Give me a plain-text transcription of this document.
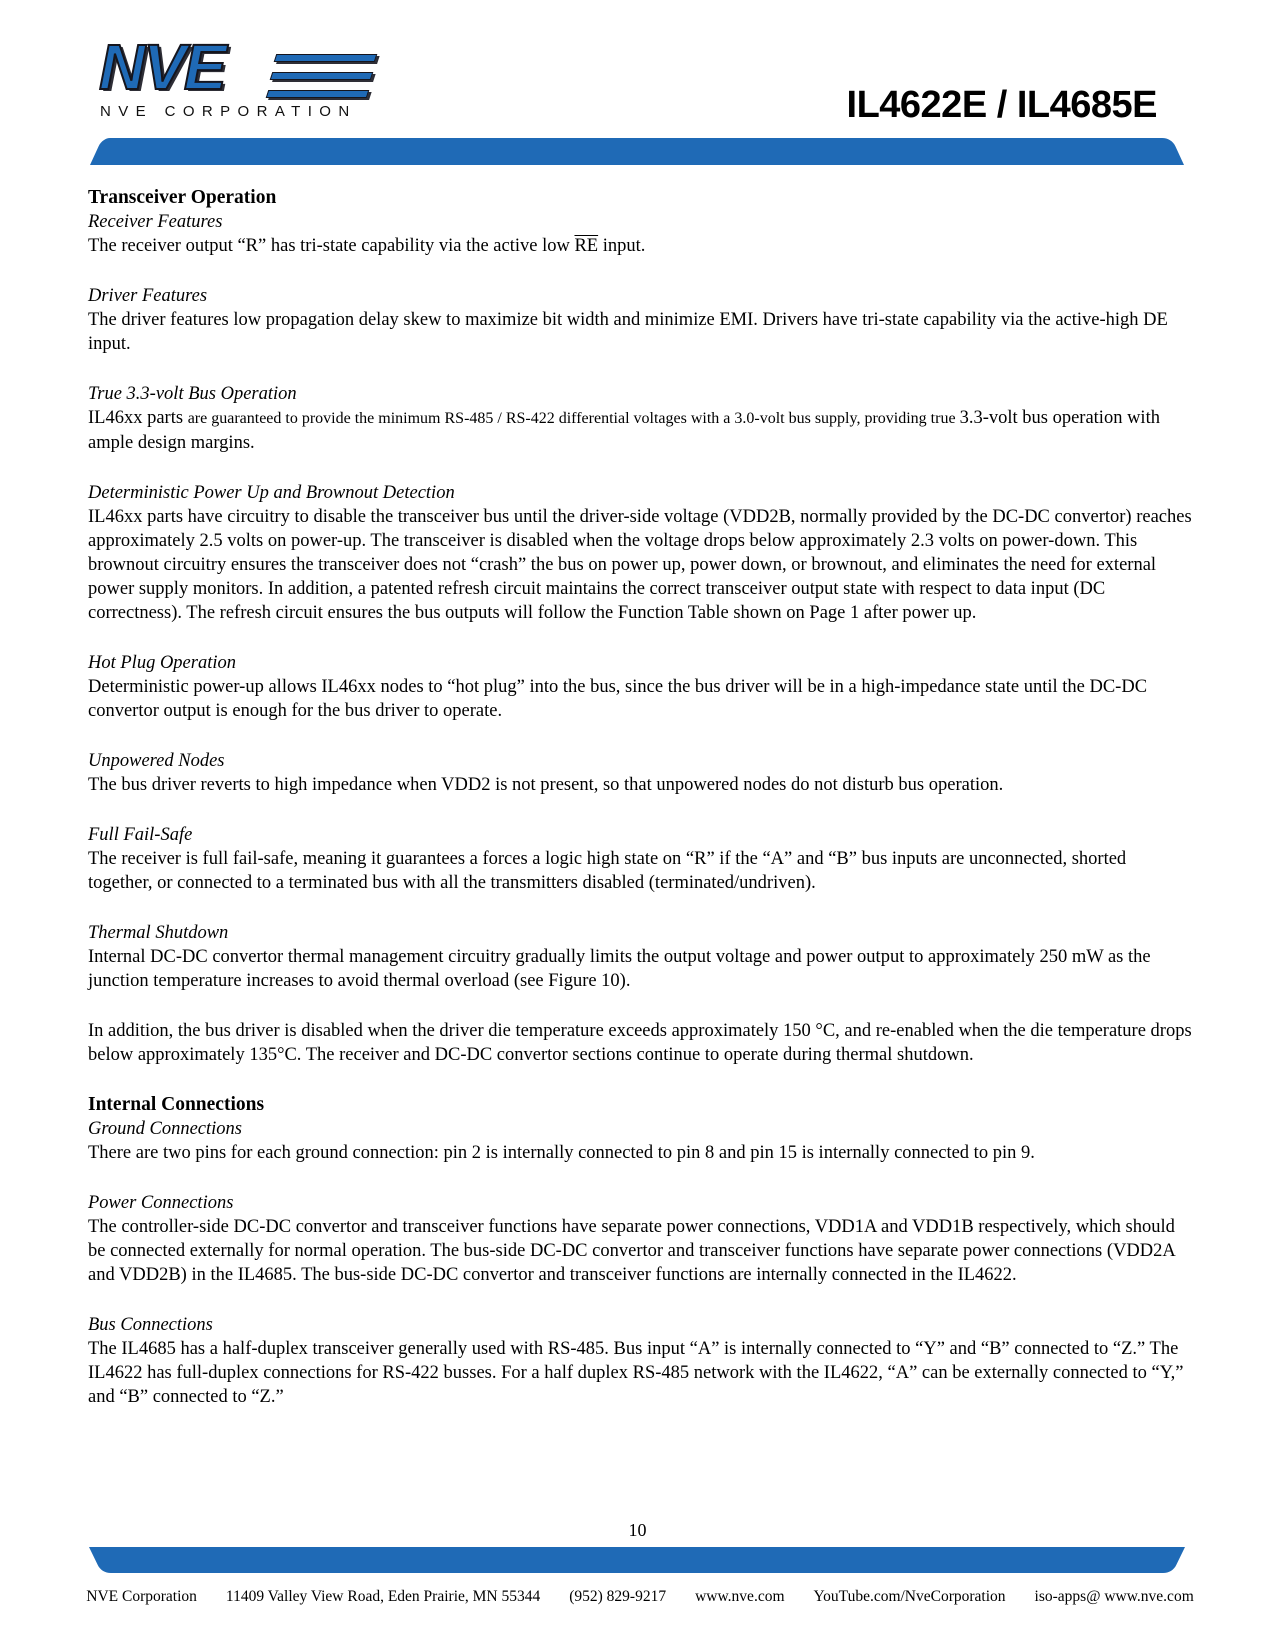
NVE
NVE CORPORATION	IL4622E / IL4685E
Transceiver Operation
Receiver Features
The receiver output “R” has tri-state capability via the active low $\overline{RE}$ input.
Driver Features
The driver features low propagation delay skew to maximize bit width and minimize EMI. Drivers have tri-state capability via the active-high DE input.
True 3.3-volt Bus Operation
IL46xx parts are guaranteed to provide the minimum RS-485 / RS-422 differential voltages with a 3.0-volt bus supply, providing true 3.3-volt bus operation with ample design margins.
Deterministic Power Up and Brownout Detection
IL46xx parts have circuitry to disable the transceiver bus until the driver-side voltage (VDD2B, normally provided by the DC-DC convertor) reaches approximately 2.5 volts on power-up. The transceiver is disabled when the voltage drops below approximately 2.3 volts on power-down. This brownout circuitry ensures the transceiver does not “crash” the bus on power up, power down, or brownout, and eliminates the need for external power supply monitors. In addition, a patented refresh circuit maintains the correct transceiver output state with respect to data input (DC correctness). The refresh circuit ensures the bus outputs will follow the Function Table shown on Page 1 after power up.
Hot Plug Operation
Deterministic power-up allows IL46xx nodes to “hot plug” into the bus, since the bus driver will be in a high-impedance state until the DC-DC convertor output is enough for the bus driver to operate.
Unpowered Nodes
The bus driver reverts to high impedance when VDD2 is not present, so that unpowered nodes do not disturb bus operation.
Full Fail-Safe
The receiver is full fail-safe, meaning it guarantees a forces a logic high state on “R” if the “A” and “B” bus inputs are unconnected, shorted together, or connected to a terminated bus with all the transmitters disabled (terminated/undriven).
Thermal Shutdown
Internal DC-DC convertor thermal management circuitry gradually limits the output voltage and power output to approximately 250 mW as the junction temperature increases to avoid thermal overload (see Figure 10).
In addition, the bus driver is disabled when the driver die temperature exceeds approximately 150 °C, and re-enabled when the die temperature drops below approximately 135°C. The receiver and DC-DC convertor sections continue to operate during thermal shutdown.
Internal Connections
Ground Connections
There are two pins for each ground connection: pin 2 is internally connected to pin 8 and pin 15 is internally connected to pin 9.
Power Connections
The controller-side DC-DC convertor and transceiver functions have separate power connections, VDD1A and VDD1B respectively, which should be connected externally for normal operation. The bus-side DC-DC convertor and transceiver functions have separate power connections (VDD2A and VDD2B) in the IL4685. The bus-side DC-DC convertor and transceiver functions are internally connected in the IL4622.
Bus Connections
The IL4685 has a half-duplex transceiver generally used with RS-485. Bus input “A” is internally connected to “Y” and “B” connected to “Z.” The IL4622 has full-duplex connections for RS-422 busses. For a half duplex RS-485 network with the IL4622, “A” can be externally connected to “Y,” and “B” connected to “Z.”
10
NVE Corporation 11409 Valley View Road, Eden Prairie, MN 55344 (952) 829-9217 www.nve.com YouTube.com/NveCorporation iso-apps@ www.nve.com
